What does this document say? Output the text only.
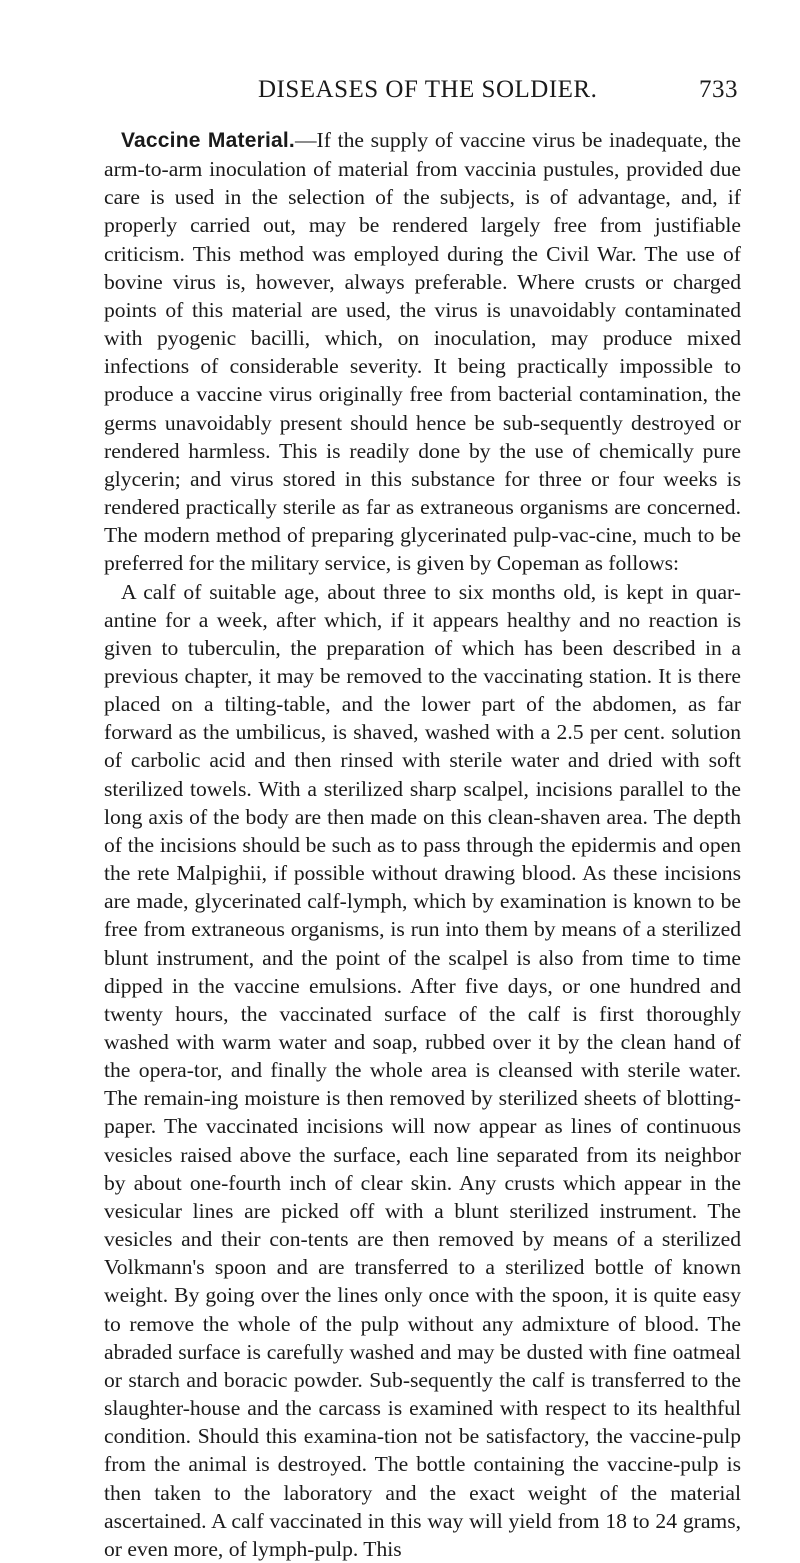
DISEASES OF THE SOLDIER.	733

Vaccine Material.—If the supply of vaccine virus be inadequate, the arm-to-arm inoculation of material from vaccinia pustules, provided due care is used in the selection of the subjects, is of advantage, and, if properly carried out, may be rendered largely free from justifiable criticism. This method was employed during the Civil War. The use of bovine virus is, however, always preferable. Where crusts or charged points of this material are used, the virus is unavoidably contaminated with pyogenic bacilli, which, on inoculation, may produce mixed infections of considerable severity. It being practically impossible to produce a vaccine virus originally free from bacterial contamination, the germs unavoidably present should hence be sub-sequently destroyed or rendered harmless. This is readily done by the use of chemically pure glycerin; and virus stored in this substance for three or four weeks is rendered practically sterile as far as extraneous organisms are concerned. The modern method of preparing glycerinated pulp-vac-cine, much to be preferred for the military service, is given by Copeman as follows:

A calf of suitable age, about three to six months old, is kept in quar-antine for a week, after which, if it appears healthy and no reaction is given to tuberculin, the preparation of which has been described in a previous chapter, it may be removed to the vaccinating station. It is there placed on a tilting-table, and the lower part of the abdomen, as far forward as the umbilicus, is shaved, washed with a 2.5 per cent. solution of carbolic acid and then rinsed with sterile water and dried with soft sterilized towels. With a sterilized sharp scalpel, incisions parallel to the long axis of the body are then made on this clean-shaven area. The depth of the incisions should be such as to pass through the epidermis and open the rete Malpighii, if possible without drawing blood. As these incisions are made, glycerinated calf-lymph, which by examination is known to be free from extraneous organisms, is run into them by means of a sterilized blunt instrument, and the point of the scalpel is also from time to time dipped in the vaccine emulsions. After five days, or one hundred and twenty hours, the vaccinated surface of the calf is first thoroughly washed with warm water and soap, rubbed over it by the clean hand of the opera-tor, and finally the whole area is cleansed with sterile water. The remain-ing moisture is then removed by sterilized sheets of blotting-paper. The vaccinated incisions will now appear as lines of continuous vesicles raised above the surface, each line separated from its neighbor by about one-fourth inch of clear skin. Any crusts which appear in the vesicular lines are picked off with a blunt sterilized instrument. The vesicles and their con-tents are then removed by means of a sterilized Volkmann's spoon and are transferred to a sterilized bottle of known weight. By going over the lines only once with the spoon, it is quite easy to remove the whole of the pulp without any admixture of blood. The abraded surface is carefully washed and may be dusted with fine oatmeal or starch and boracic powder. Sub-sequently the calf is transferred to the slaughter-house and the carcass is examined with respect to its healthful condition. Should this examina-tion not be satisfactory, the vaccine-pulp from the animal is destroyed. The bottle containing the vaccine-pulp is then taken to the laboratory and the exact weight of the material ascertained. A calf vaccinated in this way will yield from 18 to 24 grams, or even more, of lymph-pulp. This
